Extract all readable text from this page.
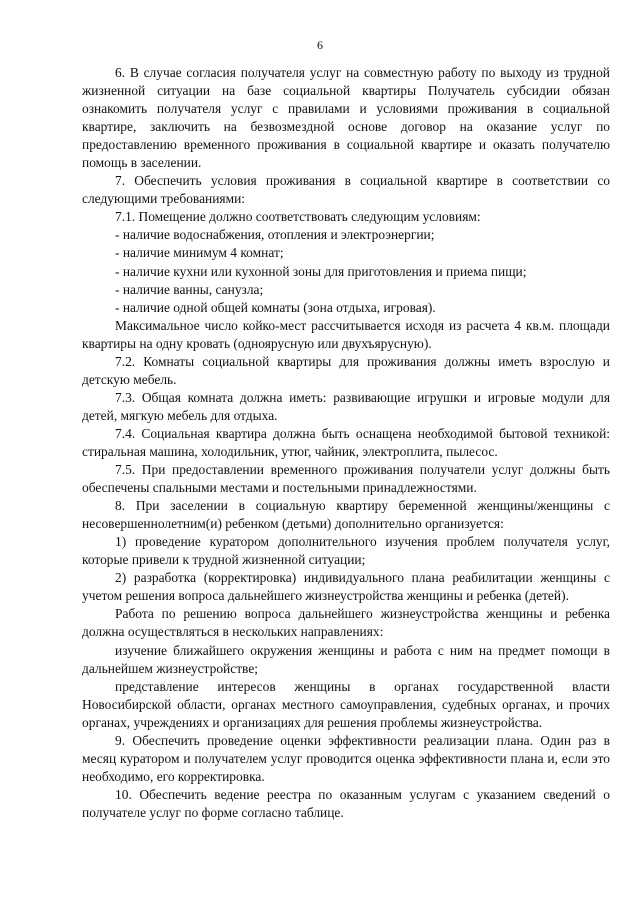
6

6. В случае согласия получателя услуг на совместную работу по выходу из трудной жизненной ситуации на базе социальной квартиры Получатель субсидии обязан ознакомить получателя услуг с правилами и условиями проживания в социальной квартире, заключить на безвозмездной основе договор на оказание услуг по предоставлению временного проживания в социальной квартире и оказать получателю помощь в заселении.

7. Обеспечить условия проживания в социальной квартире в соответствии со следующими требованиями:

7.1. Помещение должно соответствовать следующим условиям:

- наличие водоснабжения, отопления и электроэнергии;

- наличие минимум 4 комнат;

- наличие кухни или кухонной зоны для приготовления и приема пищи;

- наличие ванны, санузла;

- наличие одной общей комнаты (зона отдыха, игровая).

Максимальное число койко-мест рассчитывается исходя из расчета 4 кв.м. площади квартиры на одну кровать (одноярусную или двухъярусную).

7.2. Комнаты социальной квартиры для проживания должны иметь взрослую и детскую мебель.

7.3. Общая комната должна иметь: развивающие игрушки и игровые модули для детей, мягкую мебель для отдыха.

7.4. Социальная квартира должна быть оснащена необходимой бытовой техникой: стиральная машина, холодильник, утюг, чайник, электроплита, пылесос.

7.5. При предоставлении временного проживания получатели услуг должны быть обеспечены спальными местами и постельными принадлежностями.

8. При заселении в социальную квартиру беременной женщины/женщины с несовершеннолетним(и) ребенком (детьми) дополнительно организуется:

1) проведение куратором дополнительного изучения проблем получателя услуг, которые привели к трудной жизненной ситуации;

2) разработка (корректировка) индивидуального плана реабилитации женщины с учетом решения вопроса дальнейшего жизнеустройства женщины и ребенка (детей).

Работа по решению вопроса дальнейшего жизнеустройства женщины и ребенка должна осуществляться в нескольких направлениях:

изучение ближайшего окружения женщины и работа с ним на предмет помощи в дальнейшем жизнеустройстве;

представление интересов женщины в органах государственной власти Новосибирской области, органах местного самоуправления, судебных органах, и прочих органах, учреждениях и организациях для решения проблемы жизнеустройства.

9. Обеспечить проведение оценки эффективности реализации плана. Один раз в месяц куратором и получателем услуг проводится оценка эффективности плана и, если это необходимо, его корректировка.

10. Обеспечить ведение реестра по оказанным услугам с указанием сведений о получателе услуг по форме согласно таблице.
